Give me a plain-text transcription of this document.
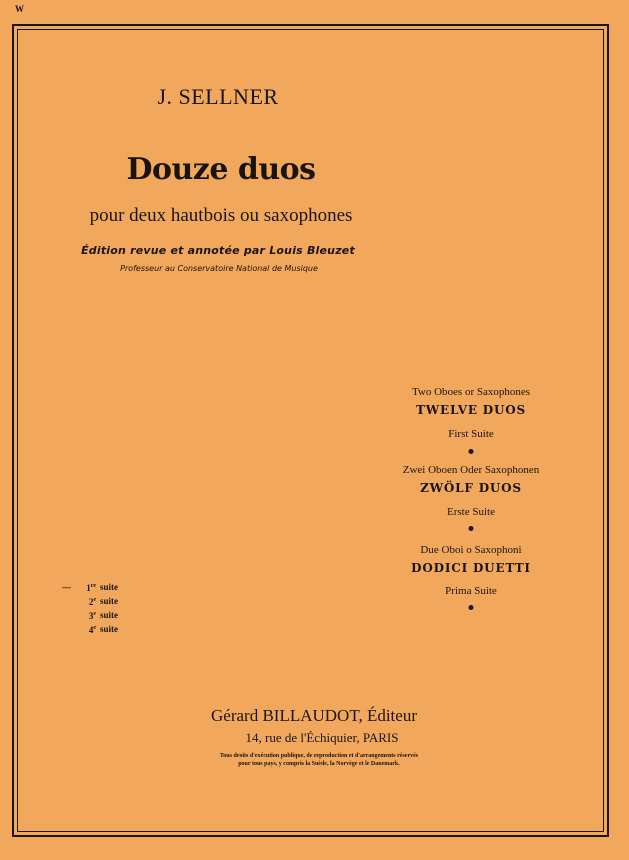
W
J. SELLNER
Douze duos
pour deux hautbois ou saxophones
Édition revue et annotée par Louis Bleuzet
Professeur au Conservatoire National de Musique
Two Oboes or Saxophones
TWELVE DUOS
First Suite
Zwei Oboen Oder Saxophonen
ZWÖLF DUOS
Erste Suite
Due Oboi o Saxophoni
DODICI DUETTI
Prima Suite
—	1re suite
2e suite
3e suite
4e suite
Gérard BILLAUDOT, Éditeur
14, rue de l'Échiquier, PARIS
Tous droits d'exécution publique, de reproduction et d'arrangements réservés
pour tous pays, y compris la Suède, la Norvège et le Danemark.
